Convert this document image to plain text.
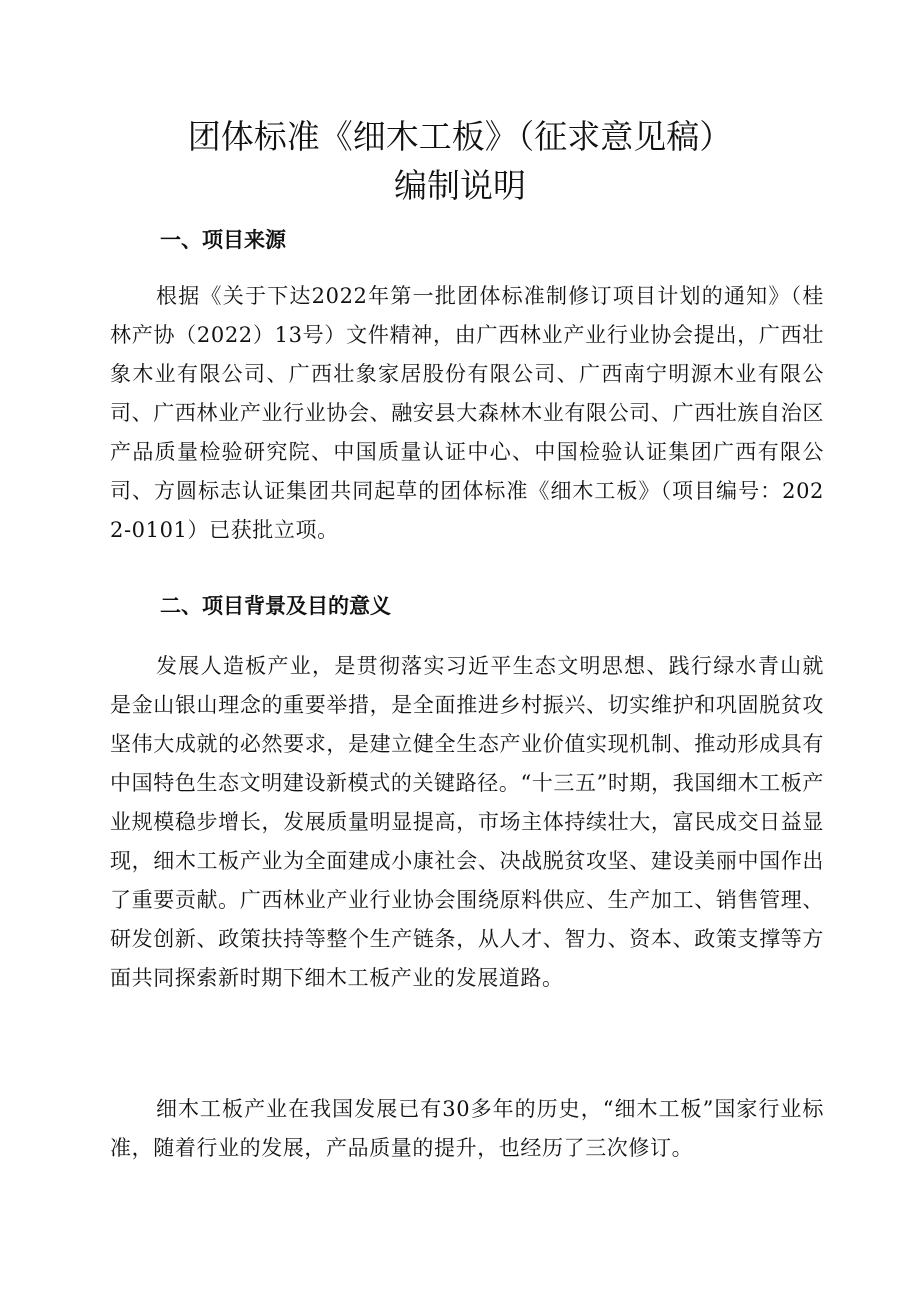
团体标准《细木工板》（征求意见稿）
编制说明
一、项目来源

根据《关于下达2022年第一批团体标准制修订项目计划的通知》（桂林产协（2022）13号）文件精神，由广西林业产业行业协会提出，广西壮象木业有限公司、广西壮象家居股份有限公司、广西南宁明源木业有限公司、广西林业产业行业协会、融安县大森林木业有限公司、广西壮族自治区产品质量检验研究院、中国质量认证中心、中国检验认证集团广西有限公司、方圆标志认证集团共同起草的团体标准《细木工板》（项目编号：2022-0101）已获批立项。

二、项目背景及目的意义

发展人造板产业，是贯彻落实习近平生态文明思想、践行绿水青山就是金山银山理念的重要举措，是全面推进乡村振兴、切实维护和巩固脱贫攻坚伟大成就的必然要求，是建立健全生态产业价值实现机制、推动形成具有中国特色生态文明建设新模式的关键路径。“十三五”时期，我国细木工板产业规模稳步增长，发展质量明显提高，市场主体持续壮大，富民成交日益显现，细木工板产业为全面建成小康社会、决战脱贫攻坚、建设美丽中国作出了重要贡献。广西林业产业行业协会围绕原料供应、生产加工、销售管理、研发创新、政策扶持等整个生产链条，从人才、智力、资本、政策支撑等方面共同探索新时期下细木工板产业的发展道路。

细木工板产业在我国发展已有30多年的历史，“细木工板”国家行业标准，随着行业的发展，产品质量的提升，也经历了三次修订。
